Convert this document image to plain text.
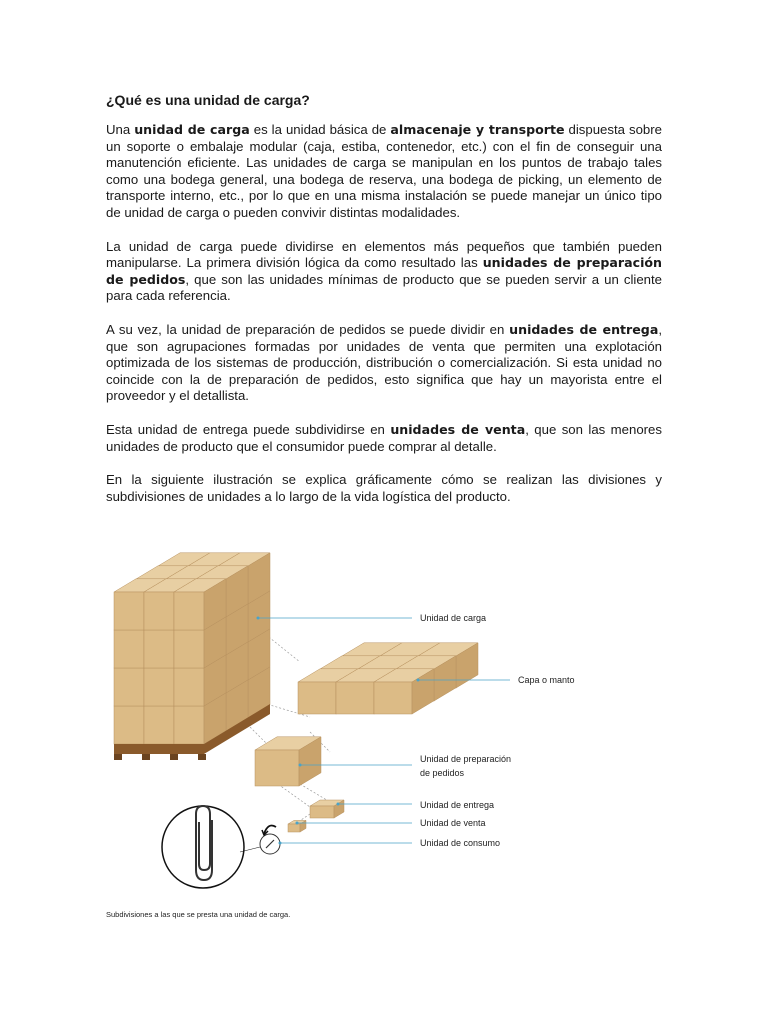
¿Qué es una unidad de carga?

Una unidad de carga es la unidad básica de almacenaje y transporte dispuesta sobre un soporte o embalaje modular (caja, estiba, contenedor, etc.) con el fin de conseguir una manutención eficiente. Las unidades de carga se manipulan en los puntos de trabajo tales como una bodega general, una bodega de reserva, una bodega de picking, un elemento de transporte interno, etc., por lo que en una misma instalación se puede manejar un único tipo de unidad de carga o pueden convivir distintas modalidades.

La unidad de carga puede dividirse en elementos más pequeños que también pueden manipularse. La primera división lógica da como resultado las unidades de preparación de pedidos, que son las unidades mínimas de producto que se pueden servir a un cliente para cada referencia.

A su vez, la unidad de preparación de pedidos se puede dividir en unidades de entrega, que son agrupaciones formadas por unidades de venta que permiten una explotación optimizada de los sistemas de producción, distribución o comercialización. Si esta unidad no coincide con la de preparación de pedidos, esto significa que hay un mayorista entre el proveedor y el detallista.

Esta unidad de entrega puede subdividirse en unidades de venta, que son las menores unidades de producto que el consumidor puede comprar al detalle.

En la siguiente ilustración se explica gráficamente cómo se realizan las divisiones y subdivisiones de unidades a lo largo de la vida logística del producto.

Unidad de carga
Capa o manto
Unidad de preparación
de pedidos
Unidad de entrega
Unidad de venta
Unidad de consumo
Subdivisiones a las que se presta una unidad de carga.
